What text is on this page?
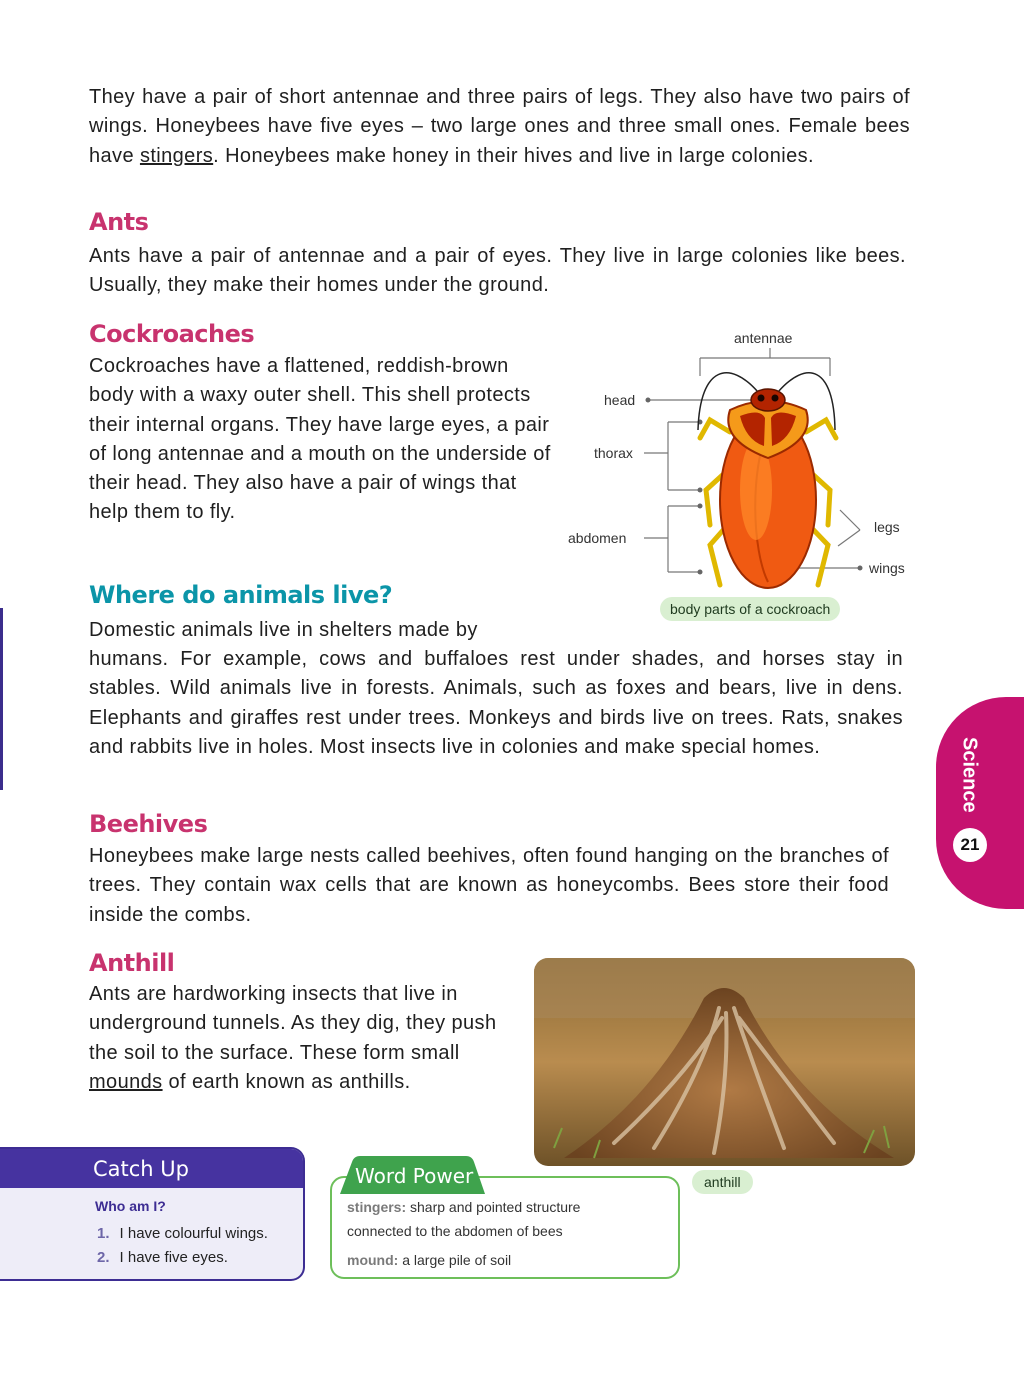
They have a pair of short antennae and three pairs of legs. They also have two pairs of wings. Honeybees have five eyes – two large ones and three small ones. Female bees have stingers. Honeybees make honey in their hives and live in large colonies.

Ants

Ants have a pair of antennae and a pair of eyes. They live in large colonies like bees. Usually, they make their homes under the ground.

Cockroaches

Cockroaches have a flattened, reddish-brown body with a waxy outer shell. This shell protects their internal organs. They have large eyes, a pair of long antennae and a mouth on the underside of their head. They also have a pair of wings that help them to fly.

antennae
head
thorax
abdomen
legs
wings
body parts of a cockroach
Where do animals live?

Domestic animals live in shelters made by

humans. For example, cows and buffaloes rest under shades, and horses stay in stables. Wild animals live in forests. Animals, such as foxes and bears, live in dens. Elephants and giraffes rest under trees. Monkeys and birds live on trees. Rats, snakes and rabbits live in holes. Most insects live in colonies and make special homes.

Beehives

Honeybees make large nests called beehives, often found hanging on the branches of trees. They contain wax cells that are known as honeycombs. Bees store their food inside the combs.

Anthill

Ants are hardworking insects that live in underground tunnels. As they dig, they push the soil to the surface. These form small mounds of earth known as anthills.

anthill
Science
21
Catch Up
Who am I?
1. I have colourful wings.
2. I have five eyes.
Word Power
stingers: sharp and pointed structure
connected to the abdomen of bees
mound: a large pile of soil
